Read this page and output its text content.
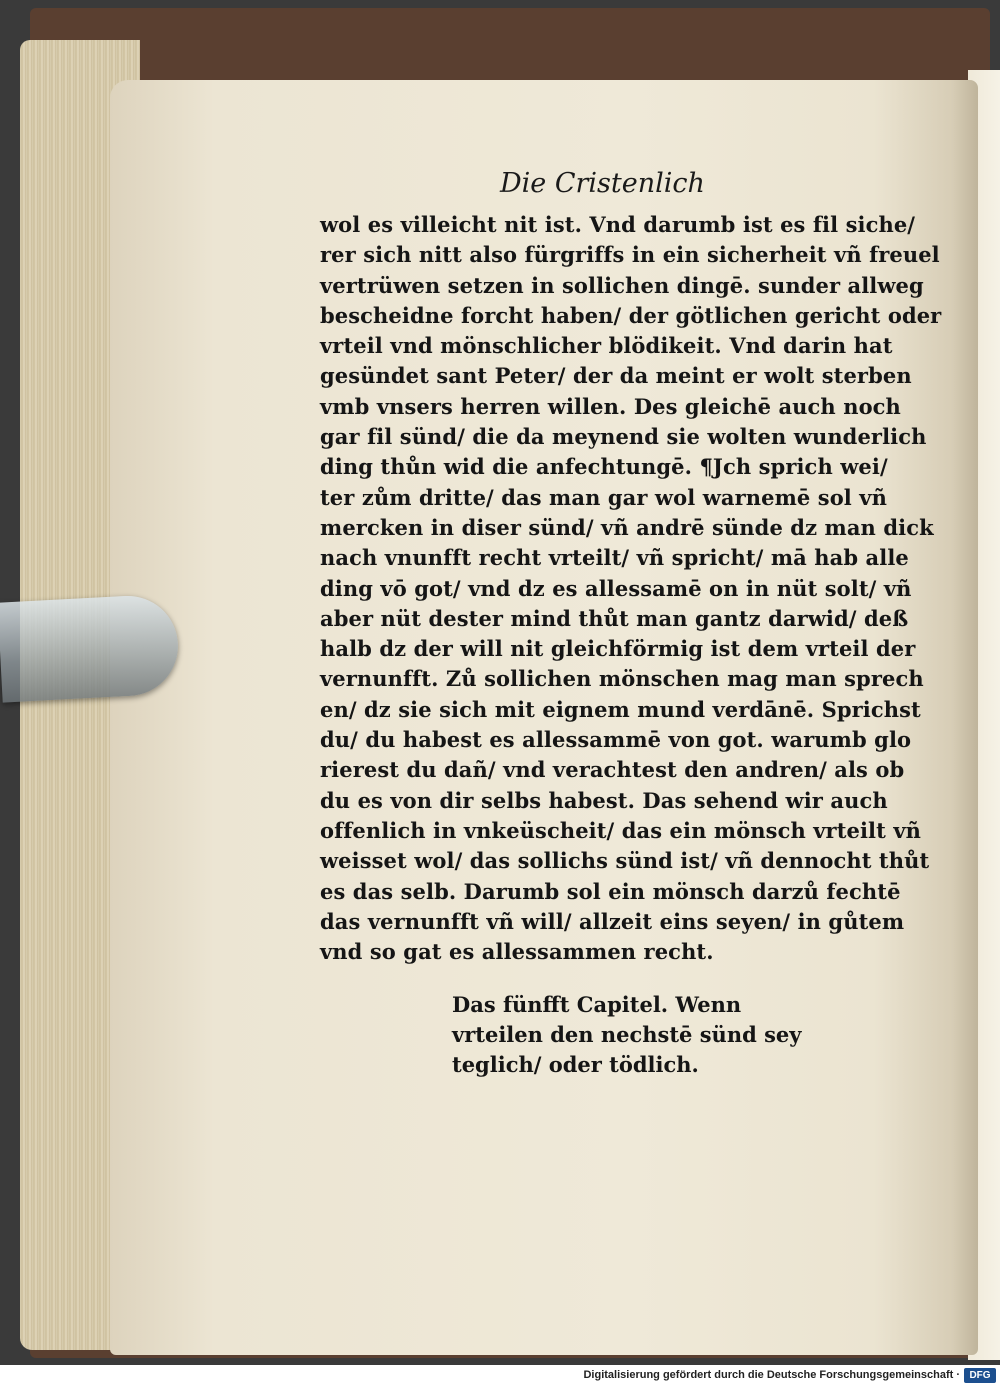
Die Cristenlich
wol es villeicht nit ist. Vnd darumb ist es fil siche/
rer sich nitt also fürgriffs in ein sicherheit vñ freuel
vertrüwen setzen in sollichen dingē. sunder allweg
bescheidne forcht haben/ der götlichen gericht oder
vrteil vnd mönschlicher blödikeit. Vnd darin hat
gesündet sant Peter/ der da meint er wolt sterben
vmb vnsers herren willen. Des gleichē auch noch
gar fil sünd/ die da meynend sie wolten wunderlich
ding thůn wid die anfechtungē. ¶Jch sprich wei/
ter zům dritte/ das man gar wol warnemē sol vñ
mercken in diser sünd/ vñ andrē sünde dz man dick
nach vnunfft recht vrteilt/ vñ spricht/ mā hab alle
ding vō got/ vnd dz es allessamē on in nüt solt/ vñ
aber nüt dester mind thůt man gantz darwid/ deß
halb dz der will nit gleichförmig ist dem vrteil der
vernunfft. Zů sollichen mönschen mag man sprech
en/ dz sie sich mit eignem mund verdānē. Sprichst
du/ du habest es allessammē von got. warumb glo
rierest du dañ/ vnd verachtest den andren/ als ob
du es von dir selbs habest. Das sehend wir auch
offenlich in vnkeüscheit/ das ein mönsch vrteilt vñ
weisset wol/ das sollichs sünd ist/ vñ dennocht thůt
es das selb. Darumb sol ein mönsch darzů fechtē
das vernunfft vñ will/ allzeit eins seyen/ in gůtem
vnd so gat es allessammen recht.
Das fünfft Capitel. Wenn
vrteilen den nechstē sünd sey
teglich/ oder tödlich.
Digitalisierung gefördert durch die Deutsche Forschungsgemeinschaft · DFG
